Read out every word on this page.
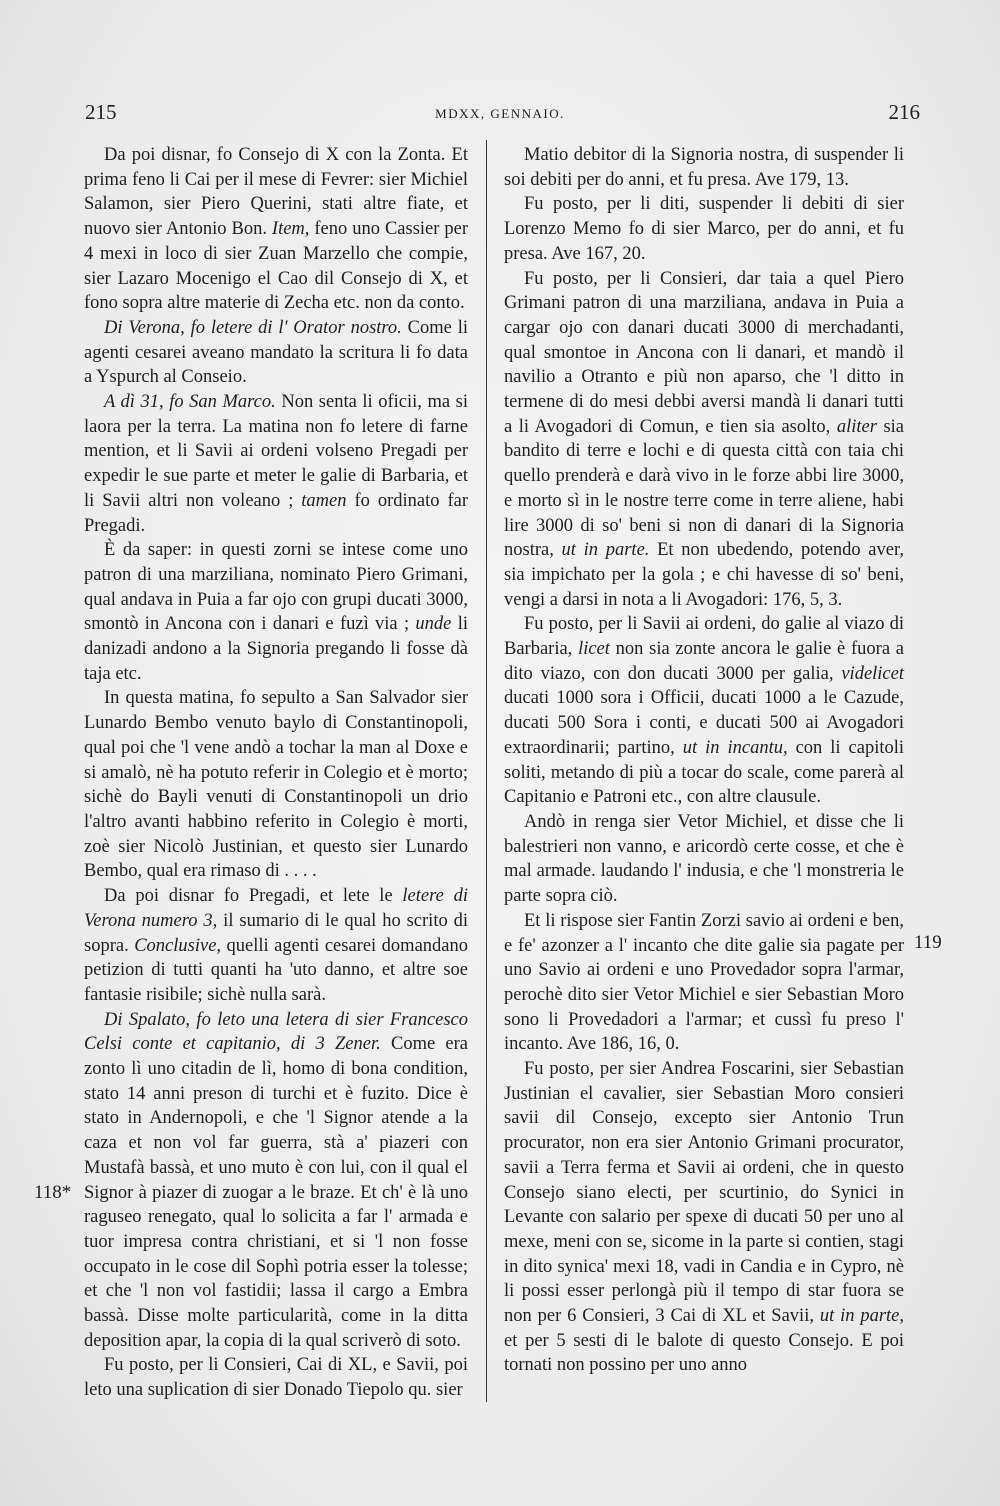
215	MDXX, GENNAIO.	216

Da poi disnar, fo Consejo di X con la Zonta. Et prima feno li Cai per il mese di Fevrer: sier Michiel Salamon, sier Piero Querini, stati altre fiate, et nuovo sier Antonio Bon. Item, feno uno Cassier per 4 mexi in loco di sier Zuan Marzello che compie, sier Lazaro Mocenigo el Cao dil Consejo di X, et fono sopra altre materie di Zecha etc. non da conto.

Di Verona, fo letere di l' Orator nostro. Come li agenti cesarei aveano mandato la scritura li fo data a Yspurch al Conseio.

A dì 31, fo San Marco. Non senta li oficii, ma si laora per la terra. La matina non fo letere di farne mention, et li Savii ai ordeni volseno Pregadi per expedir le sue parte et meter le galie di Barbaria, et li Savii altri non voleano ; tamen fo ordinato far Pregadi.

È da saper: in questi zorni se intese come uno patron di una marziliana, nominato Piero Grimani, qual andava in Puia a far ojo con grupi ducati 3000, smontò in Ancona con i danari e fuzì via ; unde li danizadi andono a la Signoria pregando li fosse dà taja etc.

In questa matina, fo sepulto a San Salvador sier Lunardo Bembo venuto baylo di Constantinopoli, qual poi che 'l vene andò a tochar la man al Doxe e si amalò, nè ha potuto referir in Colegio et è morto; sichè do Bayli venuti di Constantinopoli un drio l'altro avanti habbino referito in Colegio è morti, zoè sier Nicolò Justinian, et questo sier Lunardo Bembo, qual era rimaso di . . . .

Da poi disnar fo Pregadi, et lete le letere di Verona numero 3, il sumario di le qual ho scrito di sopra. Conclusive, quelli agenti cesarei domandano petizion di tutti quanti ha 'uto danno, et altre soe fantasie risibile; sichè nulla sarà.

Di Spalato, fo leto una letera di sier Francesco Celsi conte et capitanio, di 3 Zener. Come era zonto lì uno citadin de lì, homo di bona condition, stato 14 anni preson di turchi et è fuzito. Dice è stato in Andernopoli, e che 'l Signor atende a la caza et non vol far guerra, stà a' piazeri con Mustafà bassà, et uno muto è con lui, con il qual el Signor à piazer di zuogar a le braze. Et ch' è là uno raguseo renegato, qual lo solicita a far l' armada e tuor impresa contra christiani, et si 'l non fosse occupato in le cose dil Sophì potria esser la tolesse; et che 'l non vol fastidii; lassa il cargo a Embra bassà. Disse molte particularità, come in la ditta deposition apar, la copia di la qual scriverò di soto.

Fu posto, per li Consieri, Cai di XL, e Savii, poi leto una suplication di sier Donado Tiepolo qu. sier

Matio debitor di la Signoria nostra, di suspender li soi debiti per do anni, et fu presa. Ave 179, 13.

Fu posto, per li diti, suspender li debiti di sier Lorenzo Memo fo di sier Marco, per do anni, et fu presa. Ave 167, 20.

Fu posto, per li Consieri, dar taia a quel Piero Grimani patron di una marziliana, andava in Puia a cargar ojo con danari ducati 3000 di merchadanti, qual smontoe in Ancona con li danari, et mandò il navilio a Otranto e più non aparso, che 'l ditto in termene di do mesi debbi aversi mandà li danari tutti a li Avogadori di Comun, e tien sia asolto, aliter sia bandito di terre e lochi e di questa città con taia chi quello prenderà e darà vivo in le forze abbi lire 3000, e morto sì in le nostre terre come in terre aliene, habi lire 3000 di so' beni si non di danari di la Signoria nostra, ut in parte. Et non ubedendo, potendo aver, sia impichato per la gola ; e chi havesse di so' beni, vengi a darsi in nota a li Avogadori: 176, 5, 3.

Fu posto, per li Savii ai ordeni, do galie al viazo di Barbaria, licet non sia zonte ancora le galie è fuora a dito viazo, con don ducati 3000 per galia, videlicet ducati 1000 sora i Officii, ducati 1000 a le Cazude, ducati 500 Sora i conti, e ducati 500 ai Avogadori extraordinarii; partino, ut in incantu, con li capitoli soliti, metando di più a tocar do scale, come parerà al Capitanio e Patroni etc., con altre clausule.

Andò in renga sier Vetor Michiel, et disse che li balestrieri non vanno, e aricordò certe cosse, et che è mal armade. laudando l' indusia, e che 'l monstreria le parte sopra ciò.

Et li rispose sier Fantin Zorzi savio ai ordeni e ben, e fe' azonzer a l' incanto che dite galie sia pagate per uno Savio ai ordeni e uno Provedador sopra l'armar, perochè dito sier Vetor Michiel e sier Sebastian Moro sono li Provedadori a l'armar; et cussì fu preso l' incanto. Ave 186, 16, 0.

Fu posto, per sier Andrea Foscarini, sier Sebastian Justinian el cavalier, sier Sebastian Moro consieri savii dil Consejo, excepto sier Antonio Trun procurator, non era sier Antonio Grimani procurator, savii a Terra ferma et Savii ai ordeni, che in questo Consejo siano electi, per scurtinio, do Synici in Levante con salario per spexe di ducati 50 per uno al mexe, meni con se, sicome in la parte si contien, stagi in dito synica' mexi 18, vadi in Candia e in Cypro, nè li possi esser perlongà più il tempo di star fuora se non per 6 Consieri, 3 Cai di XL et Savii, ut in parte, et per 5 sesti di le balote di questo Consejo. E poi tornati non possino per uno anno

118*
119
